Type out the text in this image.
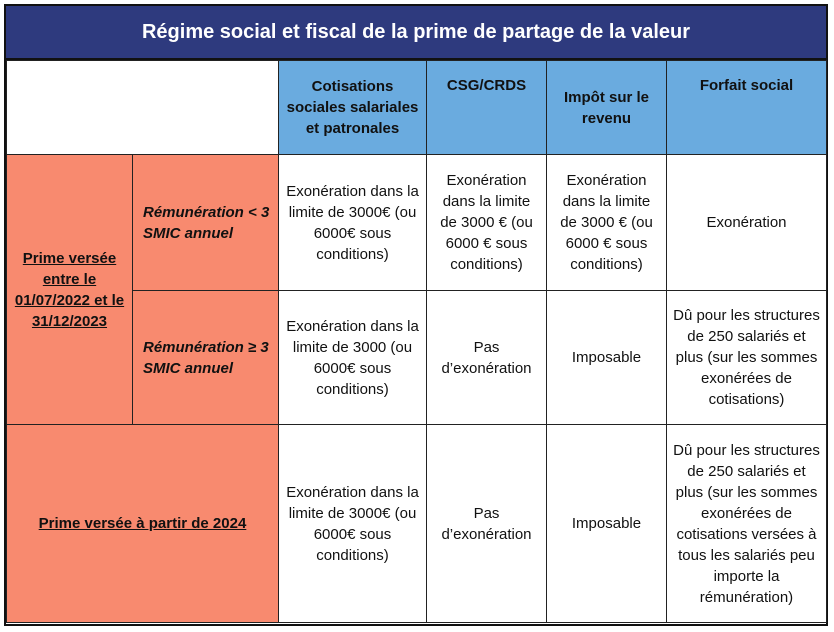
Régime social et fiscal de la prime de partage de la valeur
		Cotisations sociales salariales et patronales	CSG/CRDS	Impôt sur le revenu	Forfait social
Prime versée entre le 01/07/2022 et le 31/12/2023	Rémunération < 3 SMIC annuel	Exonération dans la limite de 3000€ (ou 6000€ sous conditions)	Exonération dans la limite de 3000 € (ou 6000 € sous conditions)	Exonération dans la limite de 3000 € (ou 6000 € sous conditions)	Exonération
	Rémunération ≥ 3 SMIC annuel	Exonération dans la limite de 3000 (ou 6000€ sous conditions)	Pas d’exonération	Imposable	Dû pour les structures de 250 salariés et plus (sur les sommes exonérées de cotisations)
Prime versée à partir de 2024		Exonération dans la limite de 3000€ (ou 6000€ sous conditions)	Pas d’exonération	Imposable	Dû pour les structures de 250 salariés et plus (sur les sommes exonérées de cotisations versées à tous les salariés peu importe la rémunération)
